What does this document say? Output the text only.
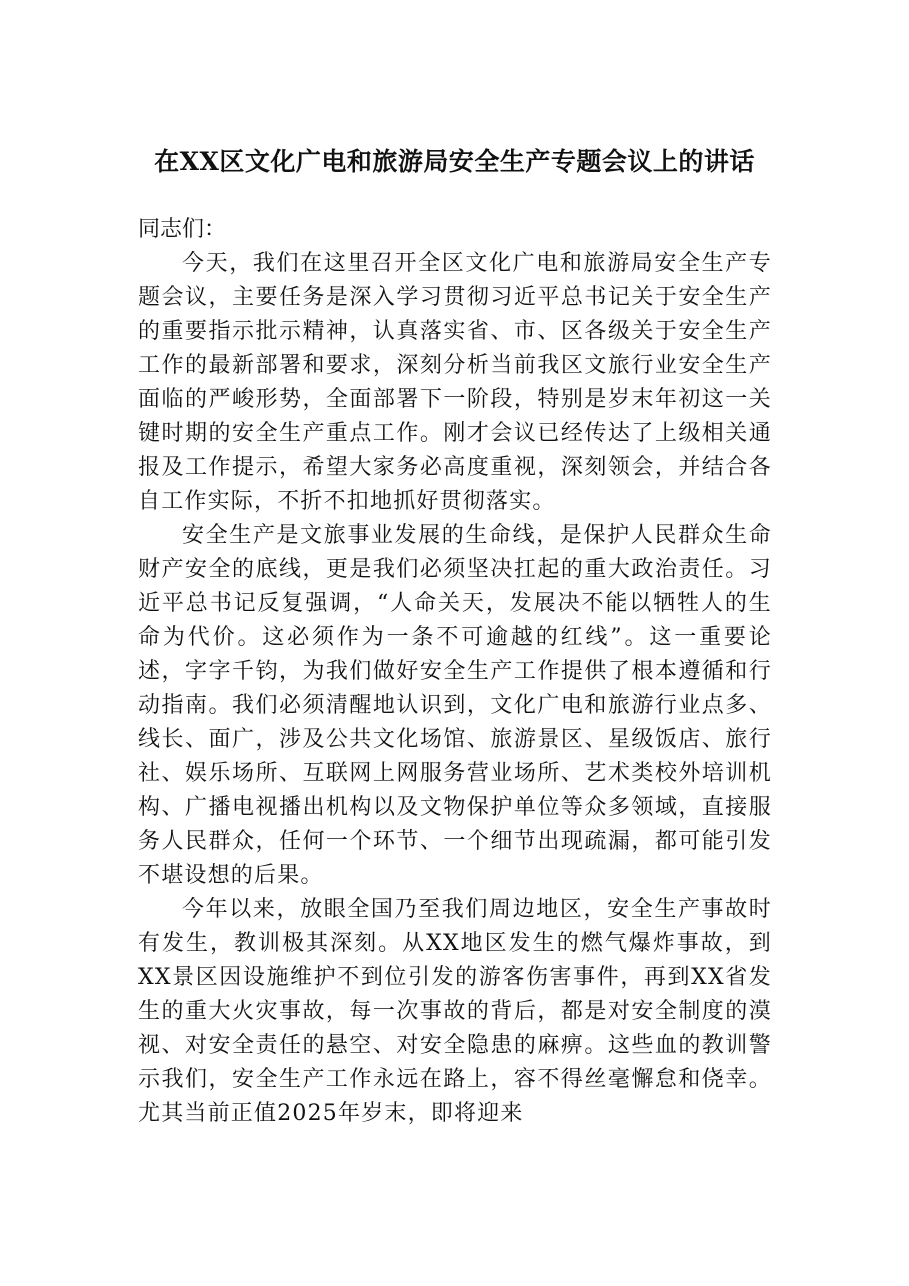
在XX区文化广电和旅游局安全生产专题会议上的讲话
同志们：

今天，我们在这里召开全区文化广电和旅游局安全生产专题会议，主要任务是深入学习贯彻习近平总书记关于安全生产的重要指示批示精神，认真落实省、市、区各级关于安全生产工作的最新部署和要求，深刻分析当前我区文旅行业安全生产面临的严峻形势，全面部署下一阶段，特别是岁末年初这一关键时期的安全生产重点工作。刚才会议已经传达了上级相关通报及工作提示，希望大家务必高度重视，深刻领会，并结合各自工作实际，不折不扣地抓好贯彻落实。

安全生产是文旅事业发展的生命线，是保护人民群众生命财产安全的底线，更是我们必须坚决扛起的重大政治责任。习近平总书记反复强调，“人命关天，发展决不能以牺牲人的生命为代价。这必须作为一条不可逾越的红线”。这一重要论述，字字千钧，为我们做好安全生产工作提供了根本遵循和行动指南。我们必须清醒地认识到，文化广电和旅游行业点多、线长、面广，涉及公共文化场馆、旅游景区、星级饭店、旅行社、娱乐场所、互联网上网服务营业场所、艺术类校外培训机构、广播电视播出机构以及文物保护单位等众多领域，直接服务人民群众，任何一个环节、一个细节出现疏漏，都可能引发不堪设想的后果。

今年以来，放眼全国乃至我们周边地区，安全生产事故时有发生，教训极其深刻。从XX地区发生的燃气爆炸事故，到XX景区因设施维护不到位引发的游客伤害事件，再到XX省发生的重大火灾事故，每一次事故的背后，都是对安全制度的漠视、对安全责任的悬空、对安全隐患的麻痹。这些血的教训警示我们，安全生产工作永远在路上，容不得丝毫懈怠和侥幸。尤其当前正值2025年岁末，即将迎来
